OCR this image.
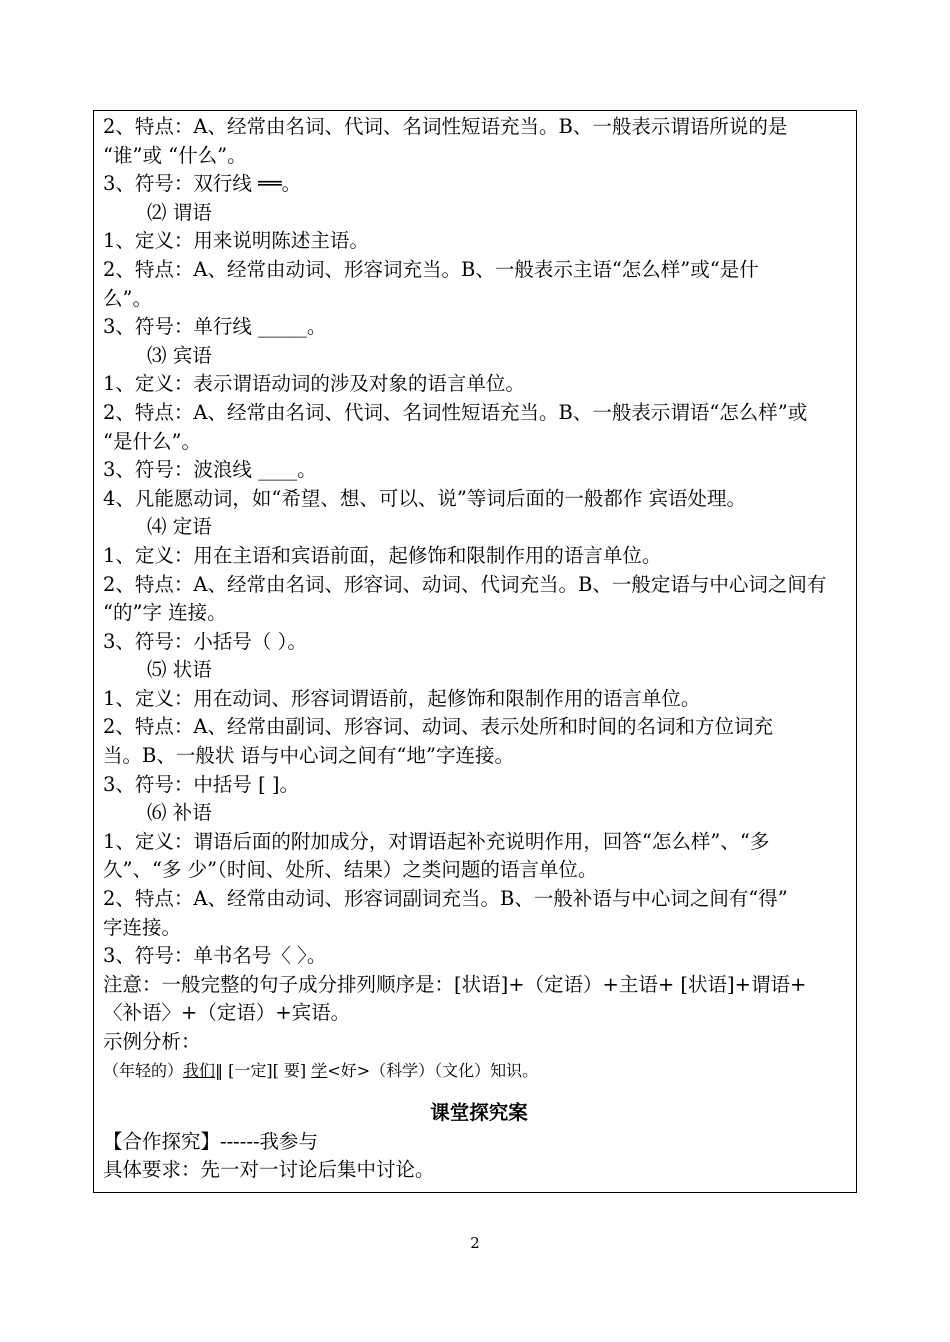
2、特点：A、经常由名词、代词、名词性短语充当。B、一般表示谓语所说的是
“谁”或 “什么”。
3、符号：双行线 ══。
⑵ 谓语
1、定义：用来说明陈述主语。
2、特点：A、经常由动词、形容词充当。B、一般表示主语“怎么样”或“是什
么”。
3、符号：单行线 _____。
⑶ 宾语
1、定义：表示谓语动词的涉及对象的语言单位。
2、特点：A、经常由名词、代词、名词性短语充当。B、一般表示谓语“怎么样”或
“是什么”。
3、符号：波浪线 ____。
4、凡能愿动词，如“希望、想、可以、说”等词后面的一般都作 宾语处理。
⑷ 定语
1、定义：用在主语和宾语前面，起修饰和限制作用的语言单位。
2、特点：A、经常由名词、形容词、动词、代词充当。B、一般定语与中心词之间有
“的”字 连接。
3、符号：小括号（ ）。
⑸ 状语
1、定义：用在动词、形容词谓语前，起修饰和限制作用的语言单位。
2、特点：A、经常由副词、形容词、动词、表示处所和时间的名词和方位词充
当。B、一般状 语与中心词之间有“地”字连接。
3、符号：中括号 [ ]。
⑹ 补语
1、定义：谓语后面的附加成分，对谓语起补充说明作用，回答“怎么样”、“多
久”、“多 少”（时间、处所、结果）之类问题的语言单位。
2、特点：A、经常由动词、形容词副词充当。B、一般补语与中心词之间有“得”
字连接。
3、符号：单书名号〈 〉。
注意：一般完整的句子成分排列顺序是：[状语]+（定语）+主语+ [状语]+谓语+
〈补语〉+（定语）+宾语。
示例分析：
（年轻的）我们‖ [一定][ 要] 学<好>（科学）（文化）知识。
课堂探究案
【合作探究】------我参与
具体要求：先一对一讨论后集中讨论。
2
